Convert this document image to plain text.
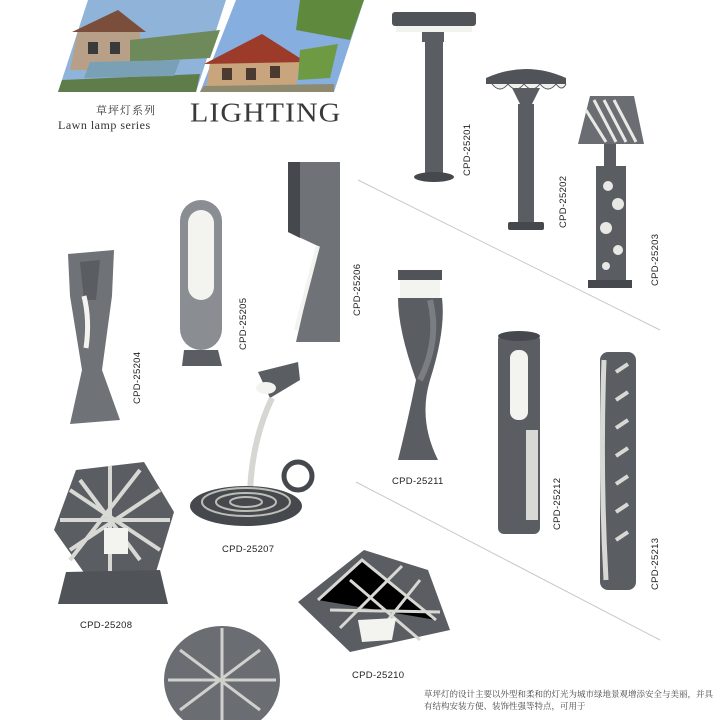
草坪灯系列
Lawn lamp series LIGHTING
CPD-25201
CPD-25202
CPD-25203
CPD-25204
CPD-25205
CPD-25206
CPD-25207
CPD-25208
CPD-25210
CPD-25211	CPD-25212
CPD-25213
草坪灯的设计主要以外型和柔和的灯光为城市绿地景观增添安全与美丽，并具有结构安装方便、装饰性强等特点，可用于
